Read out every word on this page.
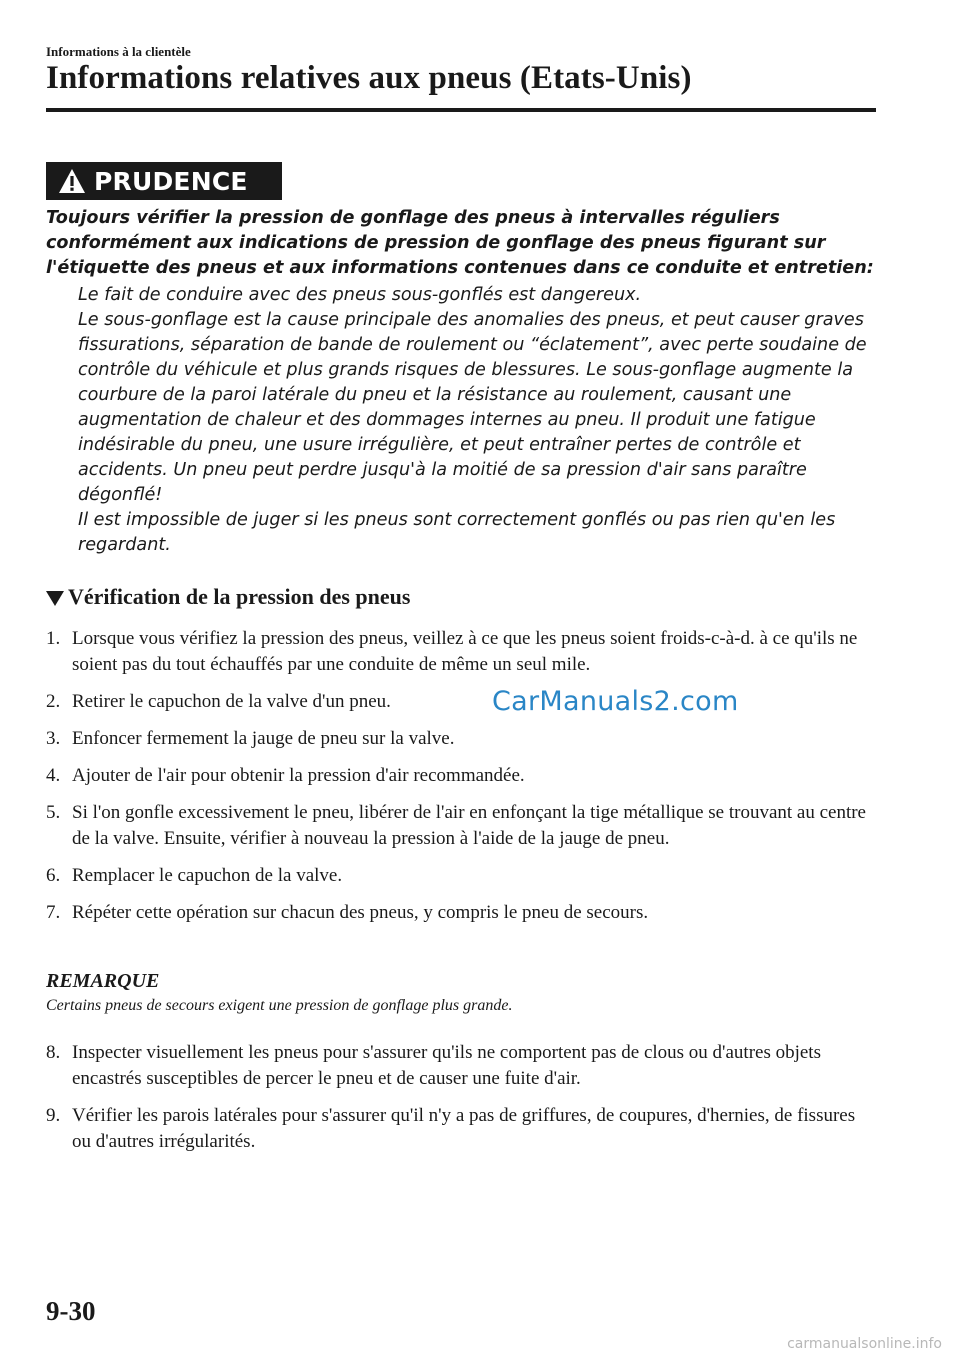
Informations à la clientèle
Informations relatives aux pneus (Etats-Unis)
PRUDENCE
Toujours vérifier la pression de gonflage des pneus à intervalles réguliers conformément aux indications de pression de gonflage des pneus figurant sur l'étiquette des pneus et aux informations contenues dans ce conduite et entretien:

Le fait de conduire avec des pneus sous-gonflés est dangereux.

Le sous-gonflage est la cause principale des anomalies des pneus, et peut causer graves fissurations, séparation de bande de roulement ou “éclatement”, avec perte soudaine de contrôle du véhicule et plus grands risques de blessures. Le sous-gonflage augmente la courbure de la paroi latérale du pneu et la résistance au roulement, causant une augmentation de chaleur et des dommages internes au pneu. Il produit une fatigue indésirable du pneu, une usure irrégulière, et peut entraîner pertes de contrôle et accidents. Un pneu peut perdre jusqu'à la moitié de sa pression d'air sans paraître dégonflé!

Il est impossible de juger si les pneus sont correctement gonflés ou pas rien qu'en les regardant.

Vérification de la pression des pneus
1. Lorsque vous vérifiez la pression des pneus, veillez à ce que les pneus soient froids-c-à-d. à ce qu'ils ne soient pas du tout échauffés par une conduite de même un seul mile.
2. Retirer le capuchon de la valve d'un pneu.
3. Enfoncer fermement la jauge de pneu sur la valve.
4. Ajouter de l'air pour obtenir la pression d'air recommandée.
5. Si l'on gonfle excessivement le pneu, libérer de l'air en enfonçant la tige métallique se trouvant au centre de la valve. Ensuite, vérifier à nouveau la pression à l'aide de la jauge de pneu.
6. Remplacer le capuchon de la valve.
7. Répéter cette opération sur chacun des pneus, y compris le pneu de secours.
REMARQUE
Certains pneus de secours exigent une pression de gonflage plus grande.
8. Inspecter visuellement les pneus pour s'assurer qu'ils ne comportent pas de clous ou d'autres objets encastrés susceptibles de percer le pneu et de causer une fuite d'air.
9. Vérifier les parois latérales pour s'assurer qu'il n'y a pas de griffures, de coupures, d'hernies, de fissures ou d'autres irrégularités.
CarManuals2.com
9-30
carmanualsonline.info
